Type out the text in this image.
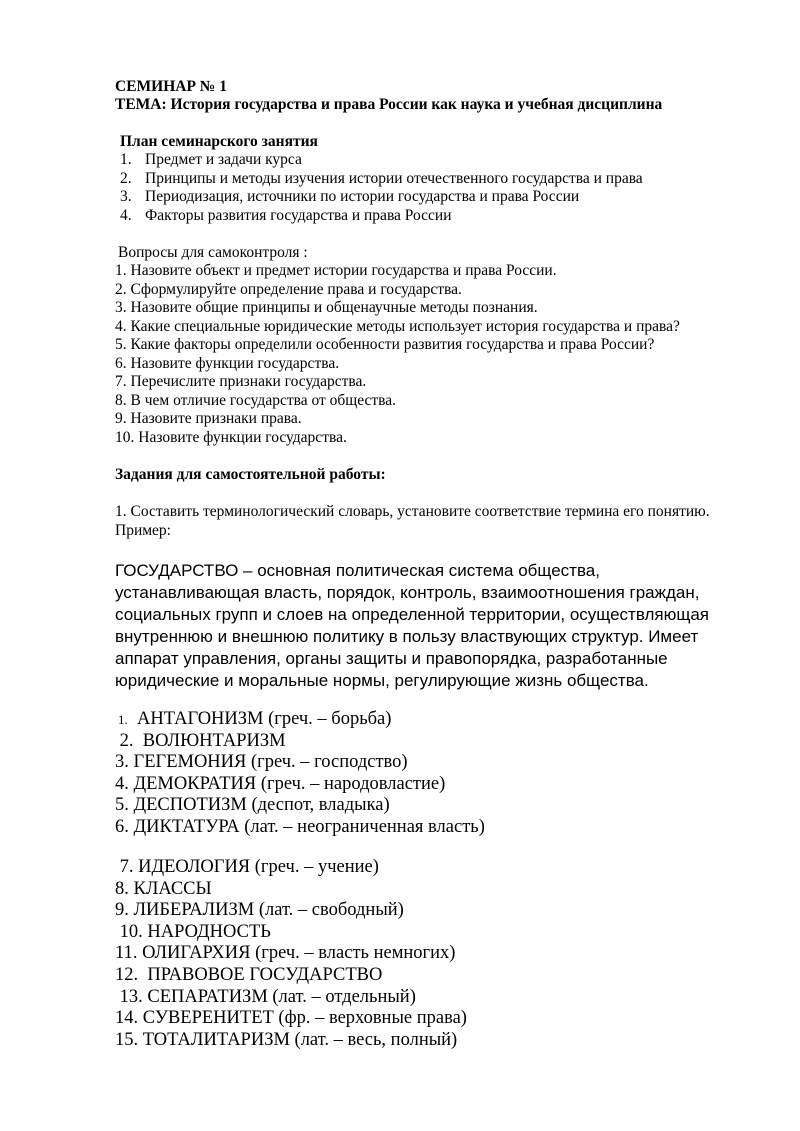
СЕМИНАР № 1
ТЕМА: История государства и права России как наука и учебная дисциплина
План семинарского занятия
1. Предмет и задачи курса
2. Принципы и методы изучения истории отечественного государства и права
3. Периодизация, источники по истории государства и права России
4. Факторы развития государства и права России
Вопросы для самоконтроля :
1. Назовите объект и предмет истории государства и права России.
2. Сформулируйте определение права и государства.
3. Назовите общие принципы и общенаучные методы познания.
4. Какие специальные юридические методы использует история государства и права?
5. Какие факторы определили особенности развития государства и права России?
6. Назовите функции государства.
7. Перечислите признаки государства.
8. В чем отличие государства от общества.
9. Назовите признаки права.
10. Назовите функции государства.
Задания для самостоятельной работы:
1. Составить терминологический словарь, установите соответствие термина его понятию.
Пример:
ГОСУДАРСТВО – основная политическая система общества,
устанавливающая власть, порядок, контроль, взаимоотношения граждан,
социальных групп и слоев на определенной территории, осуществляющая
внутреннюю и внешнюю политику в пользу властвующих структур. Имеет
аппарат управления, органы защиты и правопорядка, разработанные
юридические и моральные нормы, регулирующие жизнь общества.
1. АНТАГОНИЗМ (греч. – борьба)
2.  ВОЛЮНТАРИЗМ
3. ГЕГЕМОНИЯ (греч. – господство)
4. ДЕМОКРАТИЯ (греч. – народовластие)
5. ДЕСПОТИЗМ (деспот, владыка)
6. ДИКТАТУРА (лат. – неограниченная власть)
7. ИДЕОЛОГИЯ (греч. – учение)
8. КЛАССЫ
9. ЛИБЕРАЛИЗМ (лат. – свободный)
10. НАРОДНОСТЬ
11. ОЛИГАРХИЯ (греч. – власть немногих)
12.  ПРАВОВОЕ ГОСУДАРСТВО
13. СЕПАРАТИЗМ (лат. – отдельный)
14. СУВЕРЕНИТЕТ (фр. – верховные права)
15. ТОТАЛИТАРИЗМ (лат. – весь, полный)
